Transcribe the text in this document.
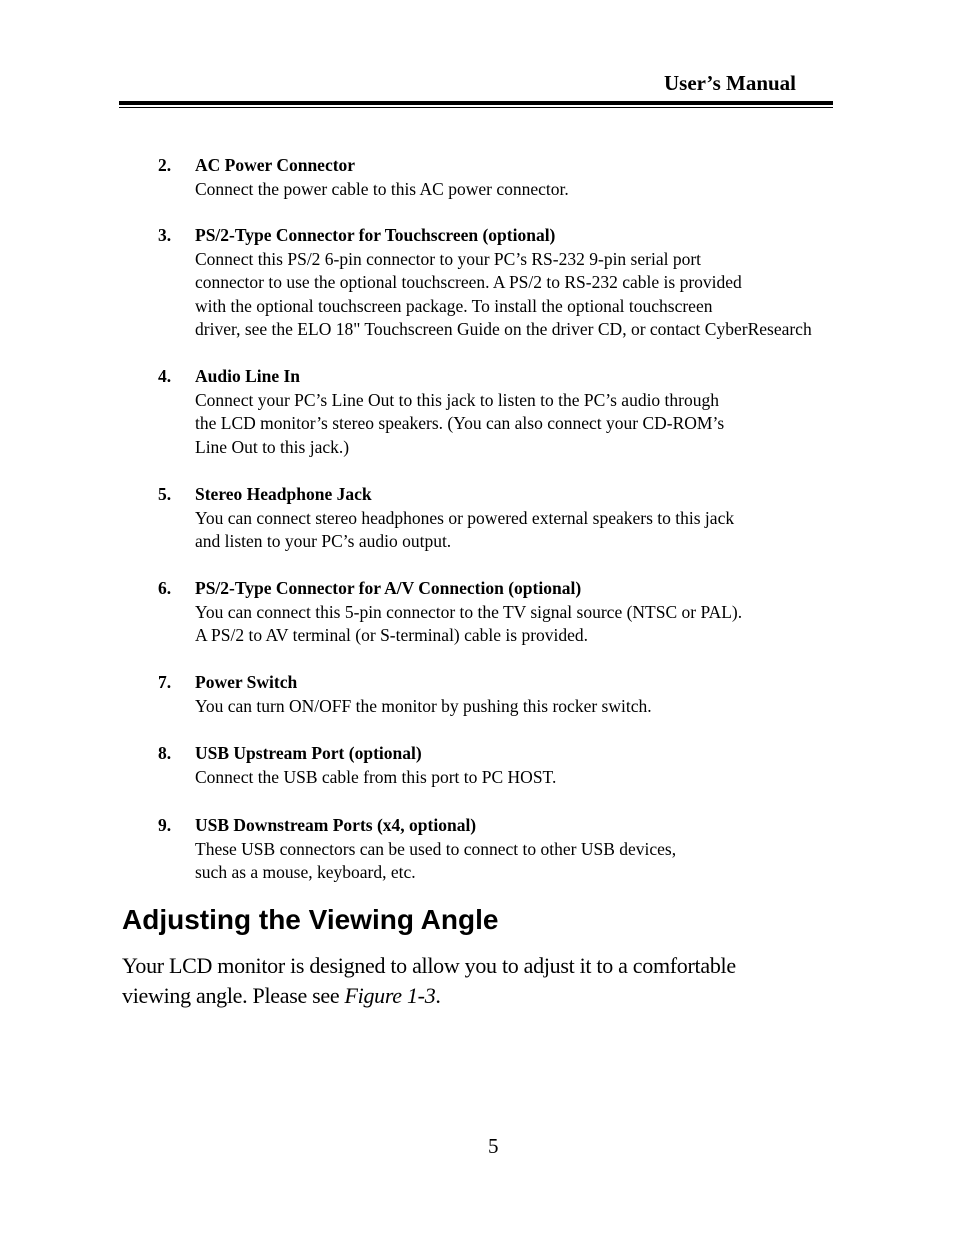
User’s Manual
2. AC Power Connector
Connect the power cable to this AC power connector.
3. PS/2-Type Connector for Touchscreen (optional)
Connect this PS/2 6-pin connector to your PC’s RS-232 9-pin serial port
connector to use the optional touchscreen. A PS/2 to RS-232 cable is provided
with the optional touchscreen package. To install the optional touchscreen
driver, see the ELO 18" Touchscreen Guide on the driver CD, or contact CyberResearch
4. Audio Line In
Connect your PC’s Line Out to this jack to listen to the PC’s audio through
the LCD monitor’s stereo speakers. (You can also connect your CD-ROM’s
Line Out to this jack.)
5. Stereo Headphone Jack
You can connect stereo headphones or powered external speakers to this jack
and listen to your PC’s audio output.
6. PS/2-Type Connector for A/V Connection (optional)
You can connect this 5-pin connector to the TV signal source (NTSC or PAL).
A PS/2 to AV terminal (or S-terminal) cable is provided.
7. Power Switch
You can turn ON/OFF the monitor by pushing this rocker switch.
8. USB Upstream Port (optional)
Connect the USB cable from this port to PC HOST.
9. USB Downstream Ports (x4, optional)
These USB connectors can be used to connect to other USB devices,
such as a mouse, keyboard, etc.
Adjusting the Viewing Angle
Your LCD monitor is designed to allow you to adjust it to a comfortable
viewing angle. Please see Figure 1-3.
5
